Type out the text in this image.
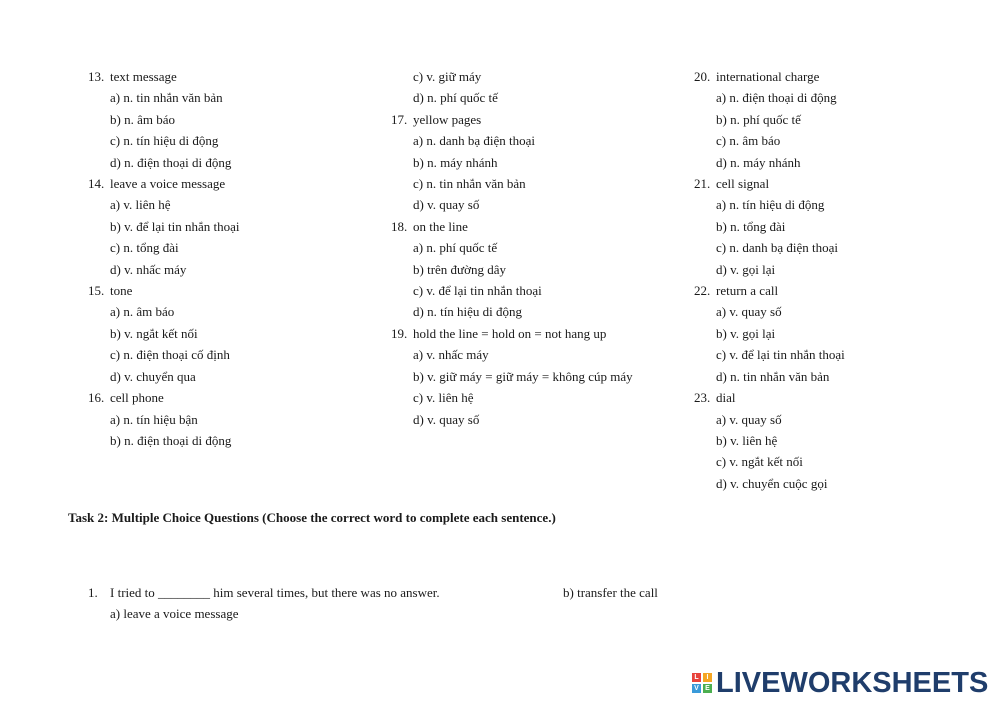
13. text message
a) n. tin nhắn văn bản
b) n. âm báo
c) n. tín hiệu di động
d) n. điện thoại di động
14. leave a voice message
a) v. liên hệ
b) v. để lại tin nhắn thoại
c) n. tổng đài
d) v. nhấc máy
15. tone
a) n. âm báo
b) v. ngắt kết nối
c) n. điện thoại cố định
d) v. chuyển qua
16. cell phone
a) n. tín hiệu bận
b) n. điện thoại di động
c) v. giữ máy
d) n. phí quốc tế
17. yellow pages
a) n. danh bạ điện thoại
b) n. máy nhánh
c) n. tin nhắn văn bản
d) v. quay số
18. on the line
a) n. phí quốc tế
b) trên đường dây
c) v. để lại tin nhắn thoại
d) n. tín hiệu di động
19. hold the line = hold on = not hang up
a) v. nhấc máy
b) v. giữ máy = giữ máy = không cúp máy
c) v. liên hệ
d) v. quay số
20. international charge
a) n. điện thoại di động
b) n. phí quốc tế
c) n. âm báo
d) n. máy nhánh
21. cell signal
a) n. tín hiệu di động
b) n. tổng đài
c) n. danh bạ điện thoại
d) v. gọi lại
22. return a call
a) v. quay số
b) v. gọi lại
c) v. để lại tin nhắn thoại
d) n. tin nhắn văn bản
23. dial
a) v. quay số
b) v. liên hệ
c) v. ngắt kết nối
d) v. chuyển cuộc gọi
Task 2: Multiple Choice Questions (Choose the correct word to complete each sentence.)
1. I tried to ________ him several times, but there was no answer.	b) transfer the call
a) leave a voice message
L	I
V E LIVEWORKSHEETS
